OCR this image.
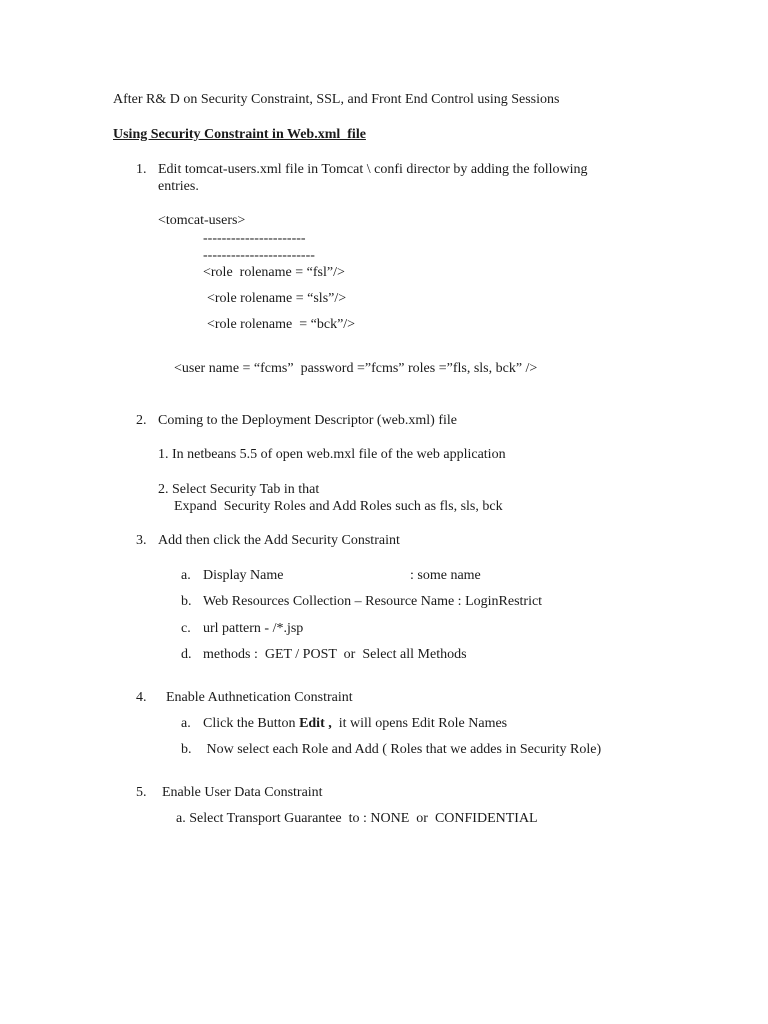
After R& D on Security Constraint, SSL, and Front End Control using Sessions
Using Security Constraint in Web.xml  file
1. Edit tomcat-users.xml file in Tomcat \ confi director by adding the following
entries.
<tomcat-users>
----------------------
------------------------
<role  rolename = “fsl”/>
<role rolename = “sls”/>
<role rolename  = “bck”/>
<user name = “fcms”  password =”fcms” roles =”fls, sls, bck” />
2. Coming to the Deployment Descriptor (web.xml) file
1. In netbeans 5.5 of open web.mxl file of the web application
2. Select Security Tab in that
Expand  Security Roles and Add Roles such as fls, sls, bck
3. Add then click the Add Security Constraint
a. Display Name	: some name
b. Web Resources Collection – Resource Name : LoginRestrict
c. url pattern - /*.jsp
d. methods :  GET / POST  or  Select all Methods
4. Enable Authnetication Constraint
a. Click the Button Edit ,  it will opens Edit Role Names
b. Now select each Role and Add ( Roles that we addes in Security Role)
5. Enable User Data Constraint
a. Select Transport Guarantee  to : NONE  or  CONFIDENTIAL
